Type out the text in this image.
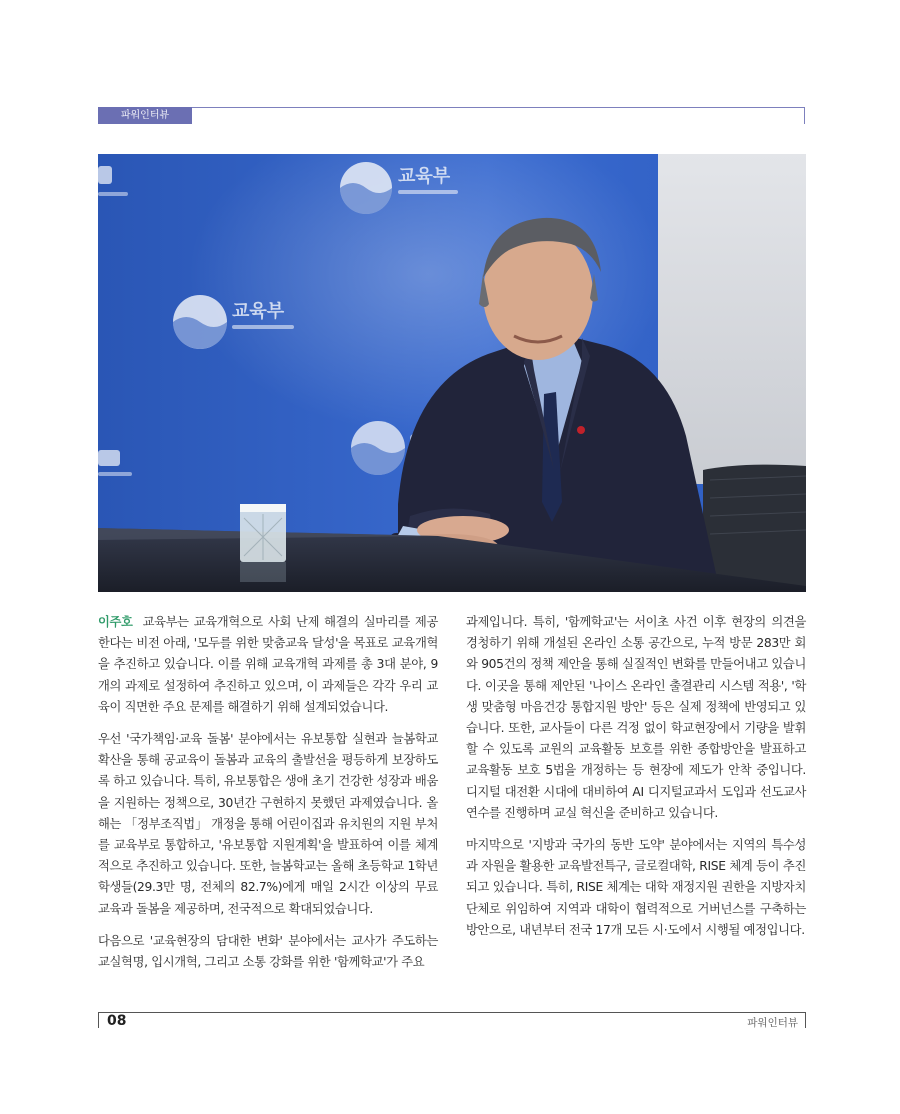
파워인터뷰
교육부
교육부

이주호 교육부는 교육개혁으로 사회 난제 해결의 실마리를 제공한다는 비전 아래, '모두를 위한 맞춤교육 달성'을 목표로 교육개혁을 추진하고 있습니다. 이를 위해 교육개혁 과제를 총 3대 분야, 9개의 과제로 설정하여 추진하고 있으며, 이 과제들은 각각 우리 교육이 직면한 주요 문제를 해결하기 위해 설계되었습니다.

우선 '국가책임·교육 돌봄' 분야에서는 유보통합 실현과 늘봄학교 확산을 통해 공교육이 돌봄과 교육의 출발선을 평등하게 보장하도록 하고 있습니다. 특히, 유보통합은 생애 초기 건강한 성장과 배움을 지원하는 정책으로, 30년간 구현하지 못했던 과제였습니다. 올해는 「정부조직법」 개정을 통해 어린이집과 유치원의 지원 부처를 교육부로 통합하고, '유보통합 지원계획'을 발표하여 이를 체계적으로 추진하고 있습니다. 또한, 늘봄학교는 올해 초등학교 1학년 학생들(29.3만 명, 전체의 82.7%)에게 매일 2시간 이상의 무료 교육과 돌봄을 제공하며, 전국적으로 확대되었습니다.

다음으로 '교육현장의 담대한 변화' 분야에서는 교사가 주도하는 교실혁명, 입시개혁, 그리고 소통 강화를 위한 '함께학교'가 주요

과제입니다. 특히, '함께학교'는 서이초 사건 이후 현장의 의견을 경청하기 위해 개설된 온라인 소통 공간으로, 누적 방문 283만 회와 905건의 정책 제안을 통해 실질적인 변화를 만들어내고 있습니다. 이곳을 통해 제안된 '나이스 온라인 출결관리 시스템 적용', '학생 맞춤형 마음건강 통합지원 방안' 등은 실제 정책에 반영되고 있습니다. 또한, 교사들이 다른 걱정 없이 학교현장에서 기량을 발휘할 수 있도록 교원의 교육활동 보호를 위한 종합방안을 발표하고 교육활동 보호 5법을 개정하는 등 현장에 제도가 안착 중입니다. 디지털 대전환 시대에 대비하여 AI 디지털교과서 도입과 선도교사 연수를 진행하며 교실 혁신을 준비하고 있습니다.

마지막으로 '지방과 국가의 동반 도약' 분야에서는 지역의 특수성과 자원을 활용한 교육발전특구, 글로컬대학, RISE 체계 등이 추진되고 있습니다. 특히, RISE 체계는 대학 재정지원 권한을 지방자치단체로 위임하여 지역과 대학이 협력적으로 거버넌스를 구축하는 방안으로, 내년부터 전국 17개 모든 시·도에서 시행될 예정입니다.

08	파워인터뷰
